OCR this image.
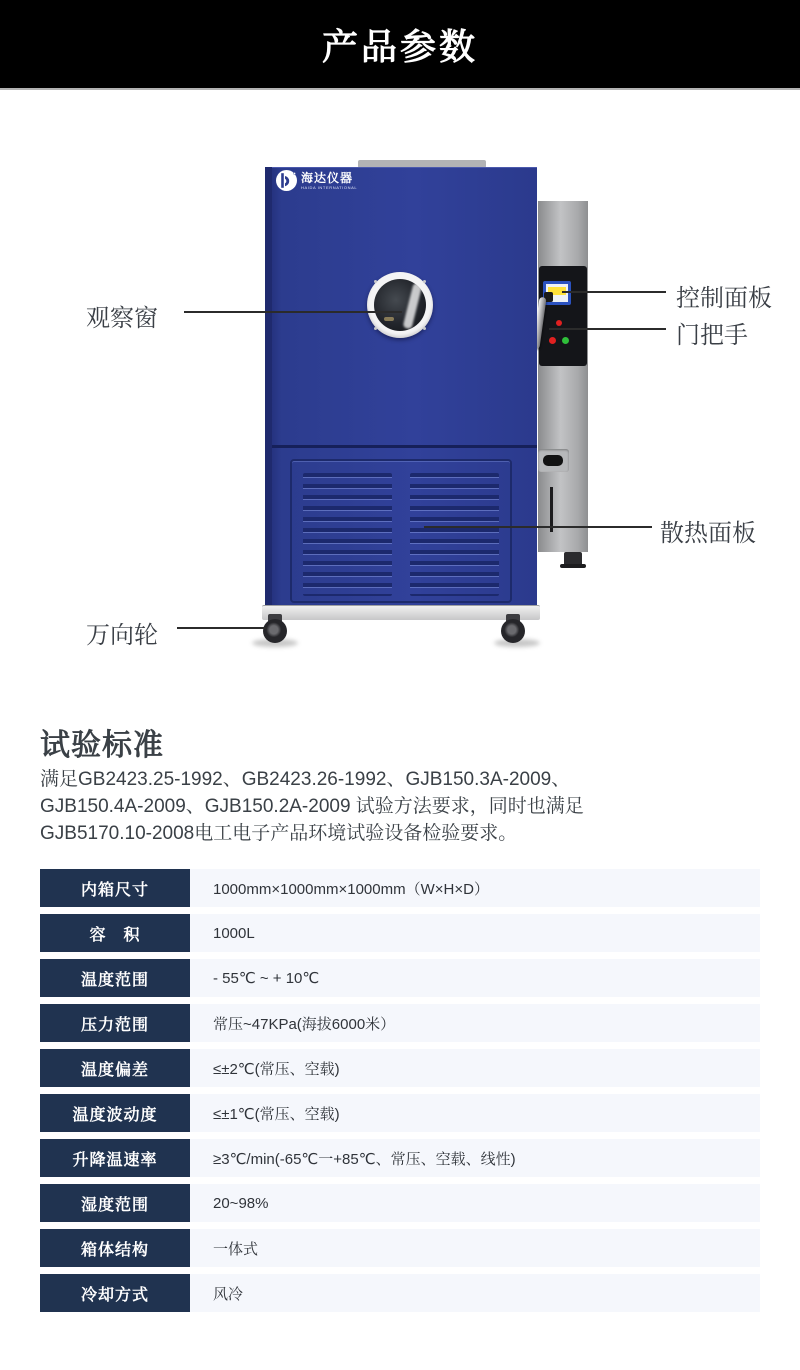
产品参数
海达仪器
HAIDA INTERNATIONAL
观察窗
控制面板
门把手
散热面板
万向轮
试验标准
满足GB2423.25-1992、GB2423.26-1992、GJB150.3A-2009、
GJB150.4A-2009、GJB150.2A-2009 试验方法要求，同时也满足
GJB5170.10-2008电工电子产品环境试验设备检验要求。
内箱尺寸	1000mm×1000mm×1000mm（W×H×D）
容　积	1000L
温度范围	- 55℃ ~ + 10℃
压力范围	常压~47KPa(海拔6000米）
温度偏差	≤±2℃(常压、空载)
温度波动度	≤±1℃(常压、空载)
升降温速率	≥3℃/min(-65℃一+85℃、常压、空载、线性)
湿度范围	20~98%
箱体结构	一体式
冷却方式	风冷
